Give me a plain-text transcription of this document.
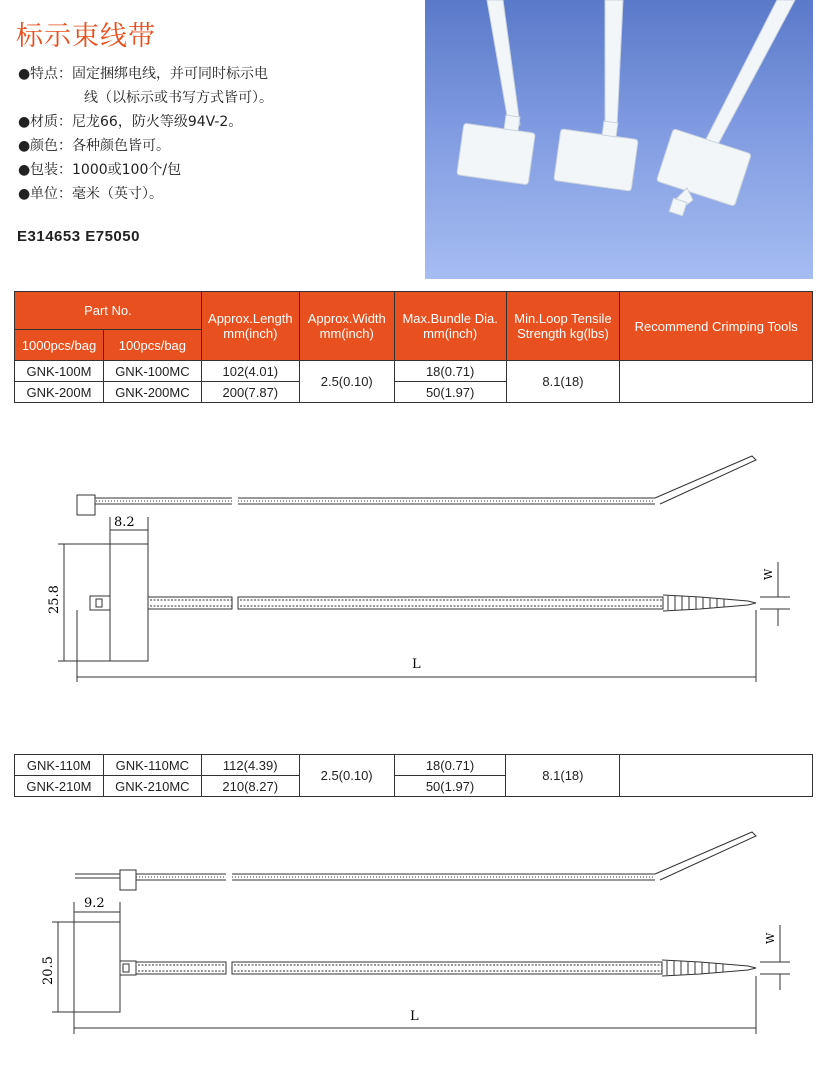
标示束线带
●特点：固定捆绑电线，并可同时标示电
线（以标示或书写方式皆可）。
●材质：尼龙66，防火等级94V-2。
●颜色：各种颜色皆可。
●包装：1000或100个/包
●单位：毫米（英寸）。
E314653 E75050
Part No.		Approx.Length mm(inch)	Approx.Width mm(inch)	Max.Bundle Dia. mm(inch)	Min.Loop Tensile Strength kg(lbs)	Recommend Crimping Tools
1000pcs/bag	100pcs/bag					
GNK-100M	GNK-100MC	102(4.01)	2.5(0.10)	18(0.71)	8.1(18)	
GNK-200M	GNK-200MC	200(7.87)		50(1.97)		
8.2
25.8
L
W
GNK-110M	GNK-110MC	112(4.39)	2.5(0.10)	18(0.71)	8.1(18)	
GNK-210M	GNK-210MC	210(8.27)		50(1.97)		
9.2
20.5
L
W
